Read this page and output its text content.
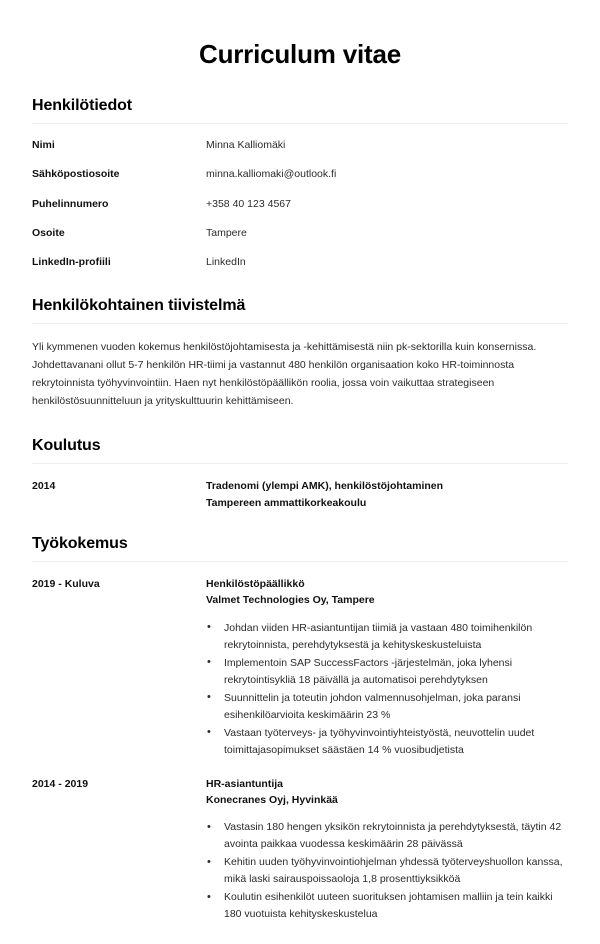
Curriculum vitae
Henkilötiedot
Nimi	Minna Kalliomäki
Sähköpostiosoite	minna.kalliomaki@outlook.fi
Puhelinnumero	+358 40 123 4567
Osoite	Tampere
LinkedIn-profiili	LinkedIn
Henkilökohtainen tiivistelmä

Yli kymmenen vuoden kokemus henkilöstöjohtamisesta ja -kehittämisestä niin pk-sektorilla kuin konsernissa. Johdettavanani ollut 5-7 henkilön HR-tiimi ja vastannut 480 henkilön organisaation koko HR-toiminnosta rekrytoinnista työhyvinvointiin. Haen nyt henkilöstöpäällikön roolia, jossa voin vaikuttaa strategiseen henkilöstösuunnitteluun ja yrityskulttuurin kehittämiseen.

Koulutus
2014	Tradenomi (ylempi AMK), henkilöstöjohtaminen
Tampereen ammattikorkeakoulu
Työkokemus
2019 - Kuluva	Henkilöstöpäällikkö
Valmet Technologies Oy, Tampere
• Johdan viiden HR-asiantuntijan tiimiä ja vastaan 480 toimihenkilön rekrytoinnista, perehdytyksestä ja kehityskeskusteluista
• Implementoin SAP SuccessFactors -järjestelmän, joka lyhensi rekrytointisykliä 18 päivällä ja automatisoi perehdytyksen
• Suunnittelin ja toteutin johdon valmennusohjelman, joka paransi esihenkilöarvioita keskimäärin 23 %
• Vastaan työterveys- ja työhyvinvointiyhteistyöstä, neuvottelin uudet toimittajasopimukset säästäen 14 % vuosibudjetista
2014 - 2019	HR-asiantuntija
Konecranes Oyj, Hyvinkää
• Vastasin 180 hengen yksikön rekrytoinnista ja perehdytyksestä, täytin 42 avointa paikkaa vuodessa keskimäärin 28 päivässä
• Kehitin uuden työhyvinvointiohjelman yhdessä työterveyshuollon kanssa, mikä laski sairauspoissaoloja 1,8 prosenttiyksikköä
• Koulutin esihenkilöt uuteen suorituksen johtamisen malliin ja tein kaikki 180 vuotuista kehityskeskustelua
